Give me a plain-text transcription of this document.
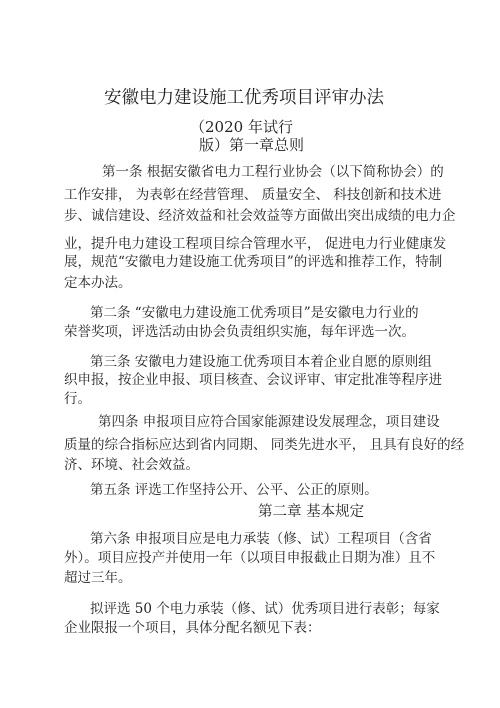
安徽电力建设施工优秀项目评审办法
（2020 年试行
版）第一章总则
第一条 根据安徽省电力工程行业协会（以下简称协会）的
工作安排， 为表彰在经营管理、 质量安全、 科技创新和技术进
步、诚信建设、经济效益和社会效益等方面做出突出成绩的电力企
业，提升电力建设工程项目综合管理水平， 促进电力行业健康发
展，规范“安徽电力建设施工优秀项目”的评选和推荐工作，特制
定本办法。
第二条 “安徽电力建设施工优秀项目”是安徽电力行业的
荣誉奖项，评选活动由协会负责组织实施，每年评选一次。
第三条 安徽电力建设施工优秀项目本着企业自愿的原则组
织申报，按企业申报、项目核查、会议评审、审定批准等程序进
行。
第四条 申报项目应符合国家能源建设发展理念，项目建设
质量的综合指标应达到省内同期、 同类先进水平， 且具有良好的经
济、环境、社会效益。
第五条 评选工作坚持公开、公平、公正的原则。
第二章 基本规定
第六条 申报项目应是电力承装（修、试）工程项目（含省
外）。项目应投产并使用一年（以项目申报截止日期为准）且不
超过三年。
拟评选 50 个电力承装（修、试）优秀项目进行表彰；每家
企业限报一个项目，具体分配名额见下表：
